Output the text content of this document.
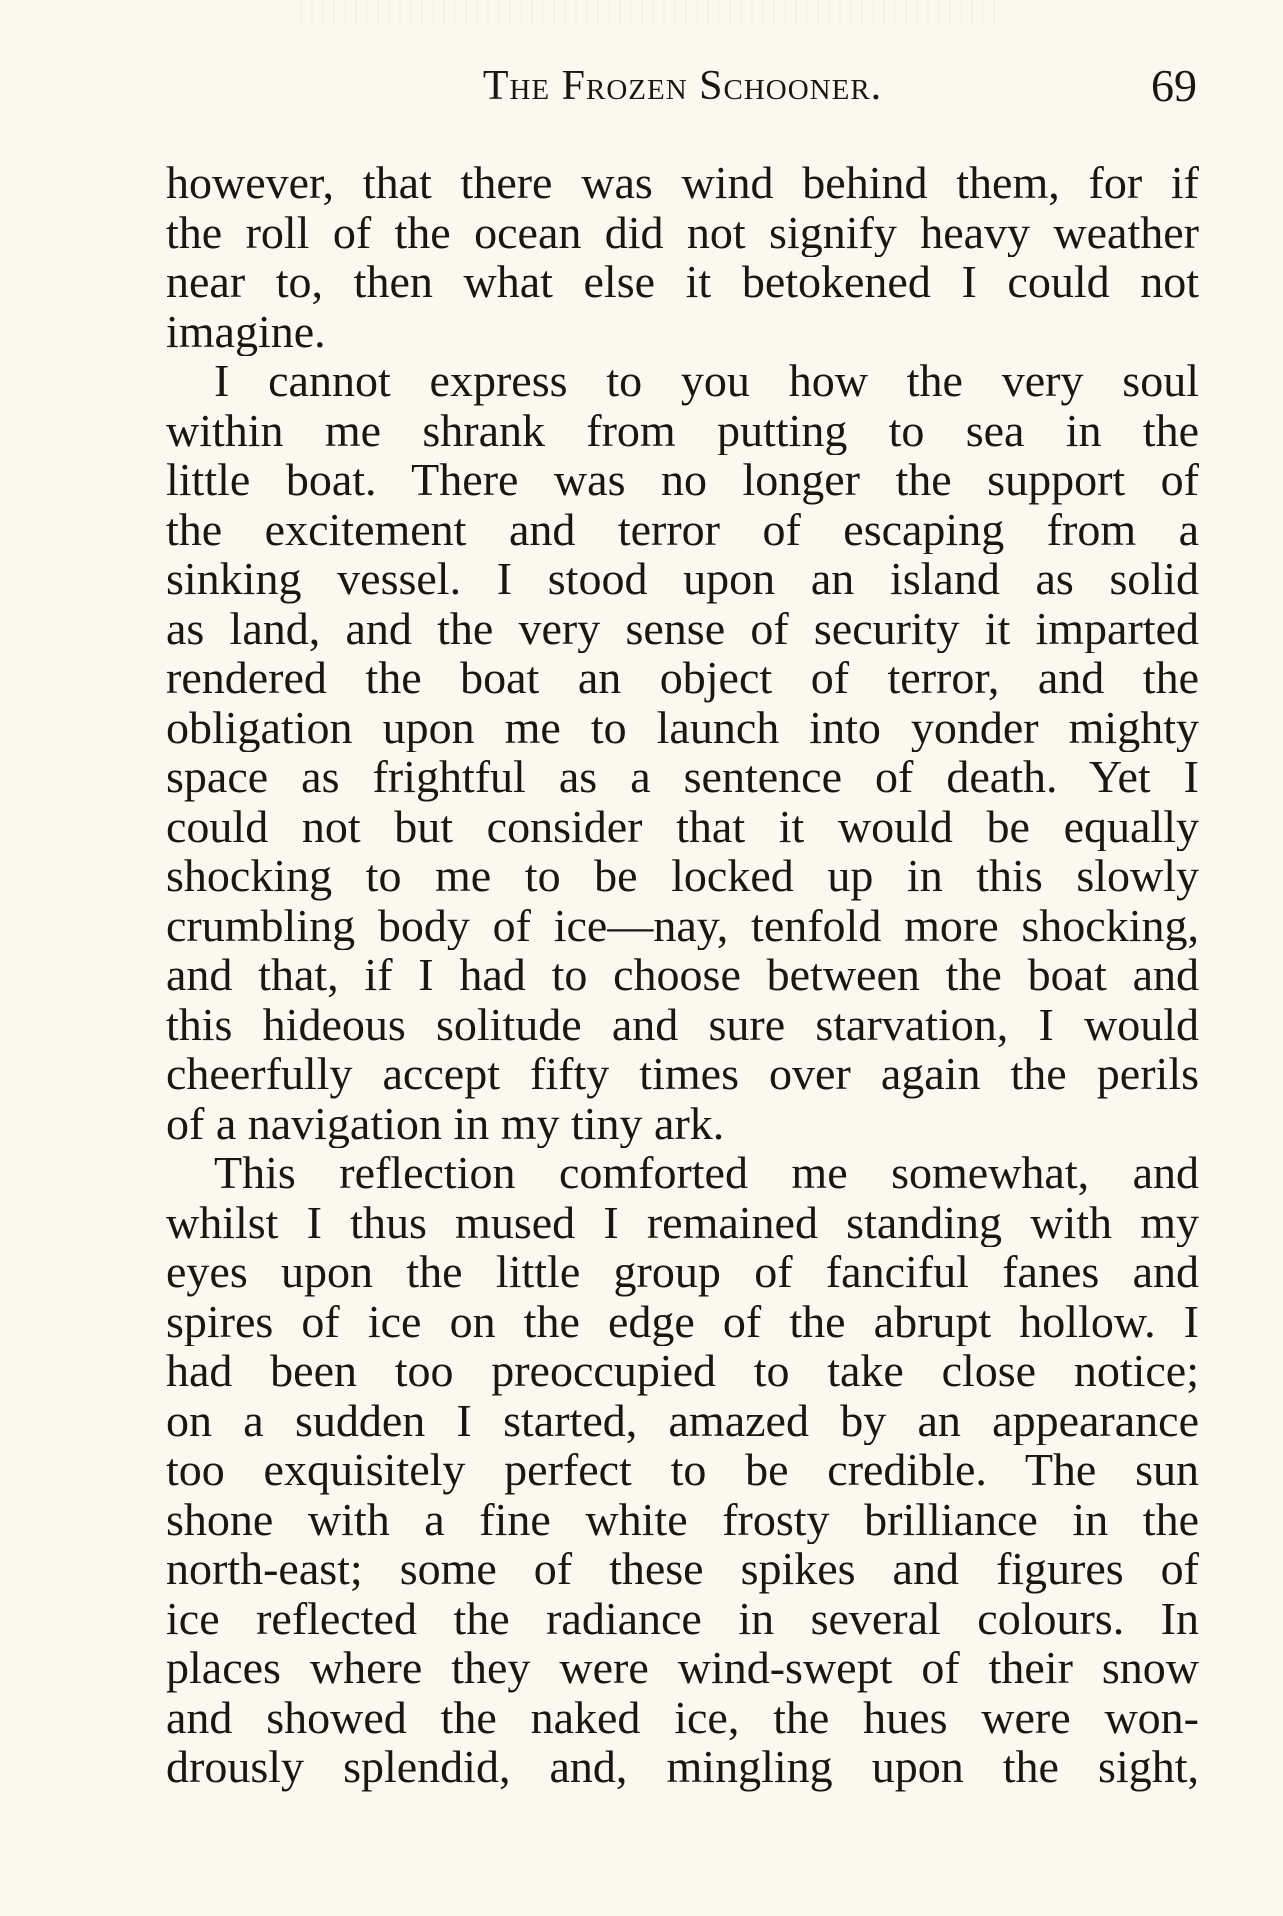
The Frozen Schooner.	69
however, that there was wind behind them, for if
the roll of the ocean did not signify heavy weather
near to, then what else it betokened I could not
imagine.
I cannot express to you how the very soul
within me shrank from putting to sea in the
little boat. There was no longer the support of
the excitement and terror of escaping from a
sinking vessel. I stood upon an island as solid
as land, and the very sense of security it imparted
rendered the boat an object of terror, and the
obligation upon me to launch into yonder mighty
space as frightful as a sentence of death. Yet I
could not but consider that it would be equally
shocking to me to be locked up in this slowly
crumbling body of ice—nay, tenfold more shocking,
and that, if I had to choose between the boat and
this hideous solitude and sure starvation, I would
cheerfully accept fifty times over again the perils
of a navigation in my tiny ark.
This reflection comforted me somewhat, and
whilst I thus mused I remained standing with my
eyes upon the little group of fanciful fanes and
spires of ice on the edge of the abrupt hollow. I
had been too preoccupied to take close notice;
on a sudden I started, amazed by an appearance
too exquisitely perfect to be credible. The sun
shone with a fine white frosty brilliance in the
north-east; some of these spikes and figures of
ice reflected the radiance in several colours. In
places where they were wind-swept of their snow
and showed the naked ice, the hues were won-
drously splendid, and, mingling upon the sight,
